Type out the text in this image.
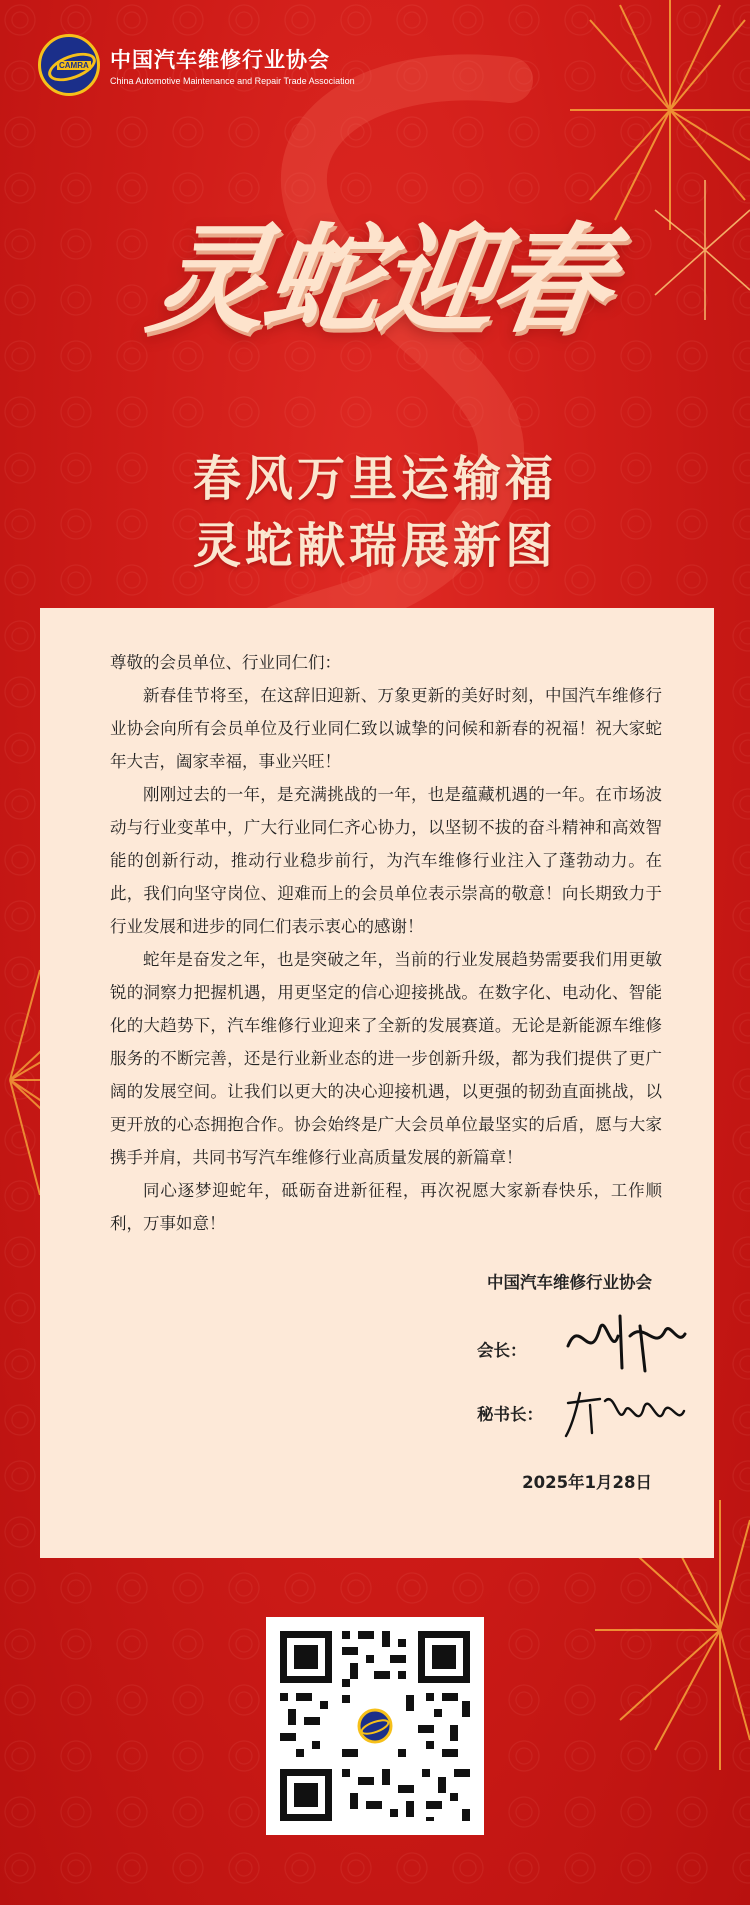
CAMRA 中国汽车维修行业协会
China Automotive Maintenance and Repair Trade Association
灵蛇迎春
春风万里运输福
灵蛇献瑞展新图

尊敬的会员单位、行业同仁们：

新春佳节将至，在这辞旧迎新、万象更新的美好时刻，中国汽车维修行业协会向所有会员单位及行业同仁致以诚挚的问候和新春的祝福！祝大家蛇年大吉，阖家幸福，事业兴旺！

刚刚过去的一年，是充满挑战的一年，也是蕴藏机遇的一年。在市场波动与行业变革中，广大行业同仁齐心协力，以坚韧不拔的奋斗精神和高效智能的创新行动，推动行业稳步前行，为汽车维修行业注入了蓬勃动力。在此，我们向坚守岗位、迎难而上的会员单位表示崇高的敬意！向长期致力于行业发展和进步的同仁们表示衷心的感谢！

蛇年是奋发之年，也是突破之年，当前的行业发展趋势需要我们用更敏锐的洞察力把握机遇，用更坚定的信心迎接挑战。在数字化、电动化、智能化的大趋势下，汽车维修行业迎来了全新的发展赛道。无论是新能源车维修服务的不断完善，还是行业新业态的进一步创新升级，都为我们提供了更广阔的发展空间。让我们以更大的决心迎接机遇，以更强的韧劲直面挑战，以更开放的心态拥抱合作。协会始终是广大会员单位最坚实的后盾，愿与大家携手并肩，共同书写汽车维修行业高质量发展的新篇章！

同心逐梦迎蛇年，砥砺奋进新征程，再次祝愿大家新春快乐，工作顺利，万事如意！

中国汽车维修行业协会
会长：
秘书长：
2025年1月28日
